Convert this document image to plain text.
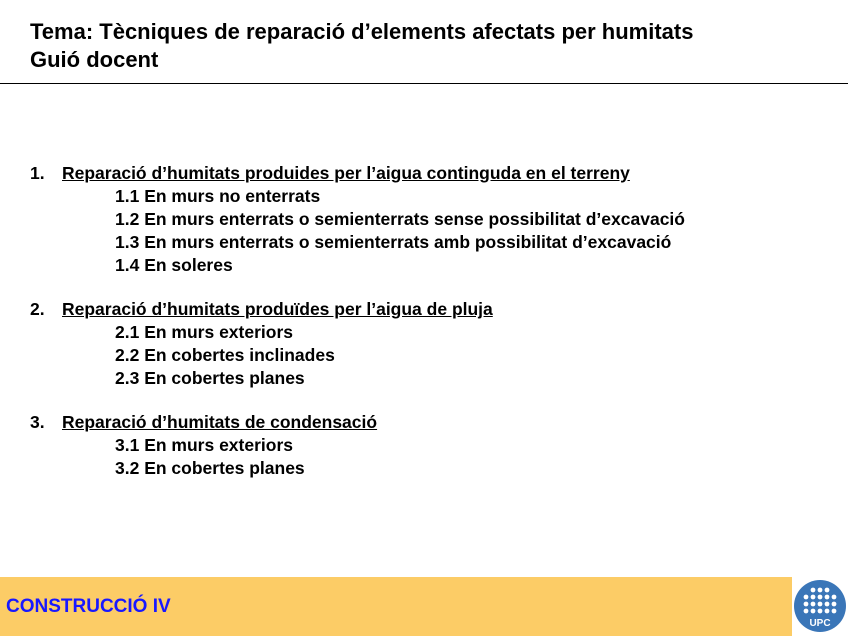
Tema: Tècniques de reparació d’elements afectats per humitats
Guió docent
1. Reparació d’humitats produides per l’aigua continguda en el terreny
1.1 En murs no enterrats
1.2 En murs enterrats o semienterrats sense possibilitat d’excavació
1.3 En murs enterrats o semienterrats amb possibilitat d’excavació
1.4 En soleres
2. Reparació d’humitats produïdes per l’aigua de pluja
2.1 En murs exteriors
2.2 En cobertes inclinades
2.3 En cobertes planes
3. Reparació d’humitats de condensació
3.1 En murs exteriors
3.2 En cobertes planes
CONSTRUCCIÓ IV
UPC
